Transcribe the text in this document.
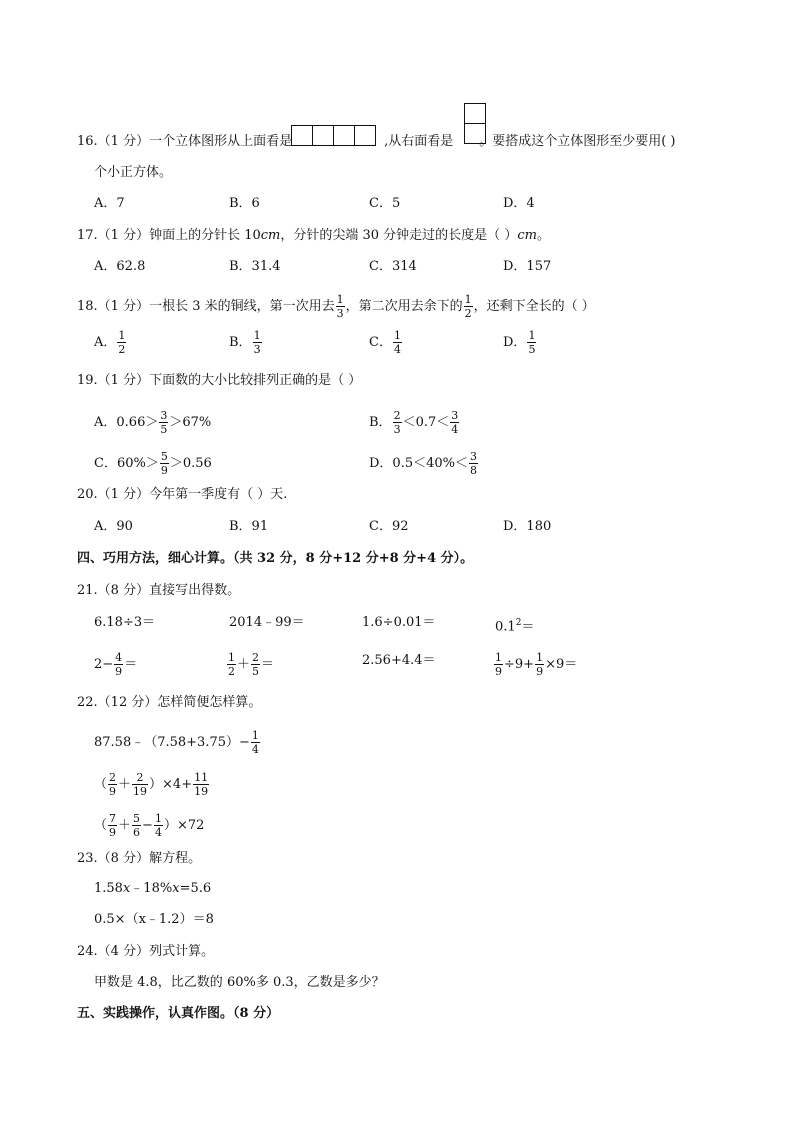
16.（1 分）一个立体图形从上面看是	,从右面看是 。要搭成这个立体图形至少要用( )
个小正方体。
A．7	B．6	C．5	D．4
17.（1 分）钟面上的分针长 10cm，分针的尖端 30 分钟走过的长度是（ ）cm。
A．62.8	B．31.4	C．314	D．157
18.（1 分）一根长 3 米的铜线，第一次用去 $\frac{1}{3}$ ，第二次用去余下的 $\frac{1}{2}$ ，还剩下全长的（ ）
A． $\frac{1}{2}$	B． $\frac{1}{3}$	C． $\frac{1}{4}$	D． $\frac{1}{5}$
19.（1 分）下面数的大小比较排列正确的是（ ）
A．$0.66> \frac{3}{5} >67\%$	B． $\frac{2}{3} <0.7< \frac{3}{4}$
C．$60\%> \frac{5}{9} >0.56$	D．$0.5<40\%< \frac{3}{8}$
20.（1 分）今年第一季度有（ ）天.
A．90	B．91	C．92	D．180
四、巧用方法，细心计算。（共 32 分，8 分+12 分+8 分+4 分）。
21.（8 分）直接写出得数。
6.18÷3＝	2014﹣99＝	1.6÷0.01＝	$0.1^2=$
$2- \frac{4}{9}$ ＝	$\frac{1}{2} + \frac{2}{5}$ ＝	2.56+4.4＝	$\frac{1}{9} \div 9+ \frac{1}{9} \times 9=$
22.（12 分）怎样简便怎样算。
87.58﹣（7.58+3.75）− $\frac{1}{4}$
（ $\frac{2}{9} + \frac{2}{19} )\times 4+ \frac{11}{19}$
（ $\frac{7}{9} + \frac{5}{6} - \frac{1}{4} )\times 72$
23.（8 分）解方程。
1.58x﹣18%x=5.6
0.5×（x﹣1.2）＝8
24.（4 分）列式计算。
甲数是 4.8，比乙数的 60%多 0.3，乙数是多少？
五、实践操作，认真作图。（8 分）
